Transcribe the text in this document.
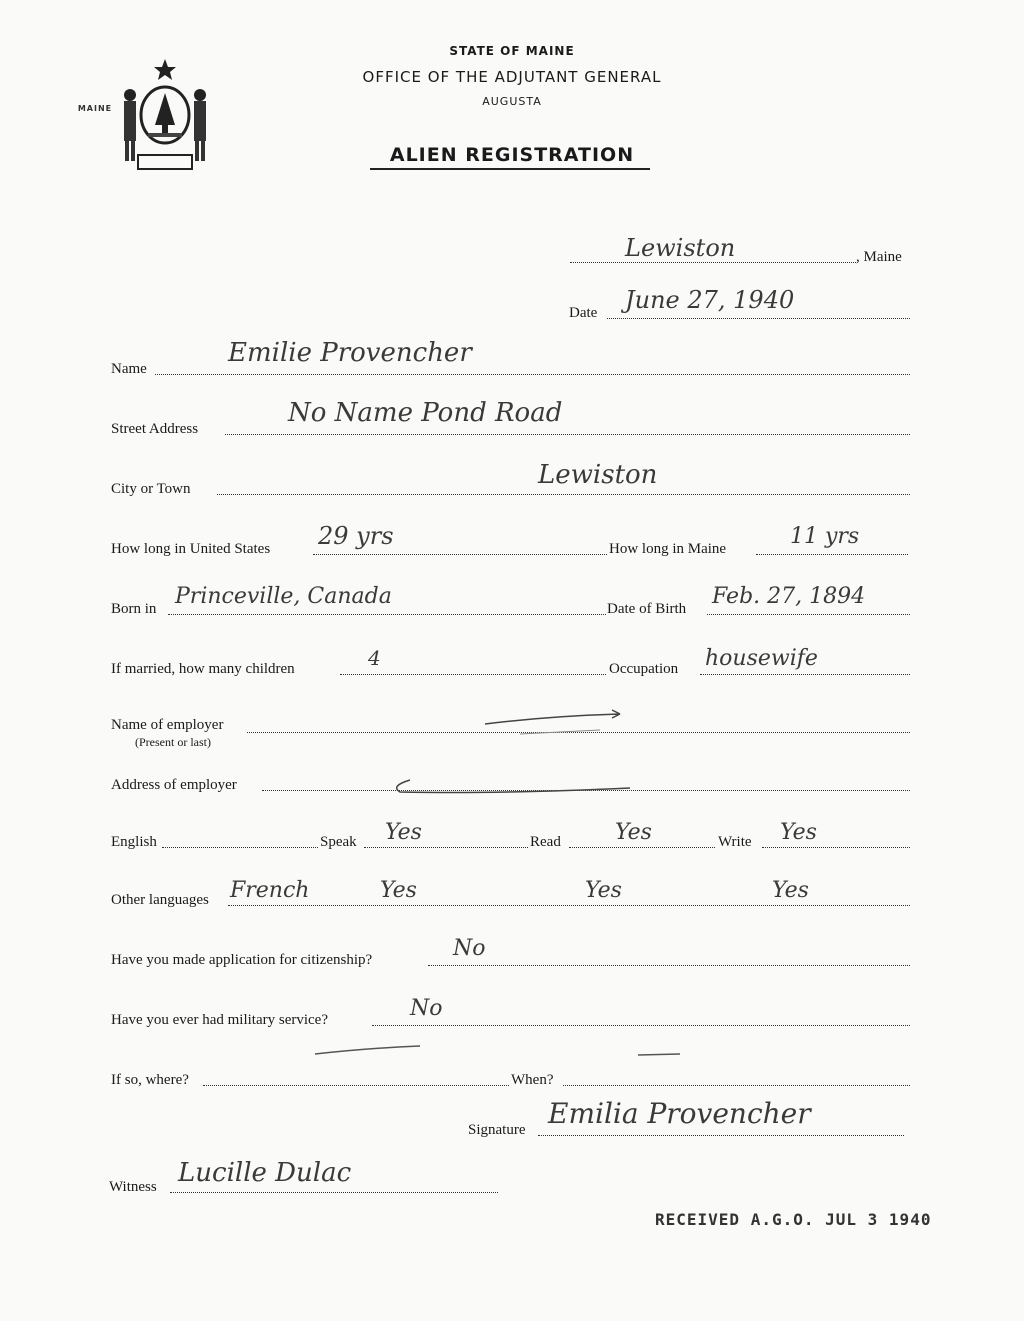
MAINE
STATE OF MAINE
OFFICE OF THE ADJUTANT GENERAL
AUGUSTA
ALIEN REGISTRATION
Lewiston	, Maine
Date June 27, 1940
Name
Emilie Provencher
Street Address
No Name Pond Road
City or Town	Lewiston
How long in United States 29 yrs	How long in Maine	11 yrs
Born in Princeville, Canada	Date of Birth Feb. 27, 1894
If married, how many children	4	Occupation housewife
Name of employer
(Present or last)
Address of employer
English	Speak Yes	Read Yes	Write Yes
Other languages French	Yes	Yes	Yes
Have you made application for citizenship?	No
Have you ever had military service?	No
If so, where?	When?
Signature Emilia Provencher
Witness Lucille Dulac
RECEIVED A.G.O. JUL 3 1940
